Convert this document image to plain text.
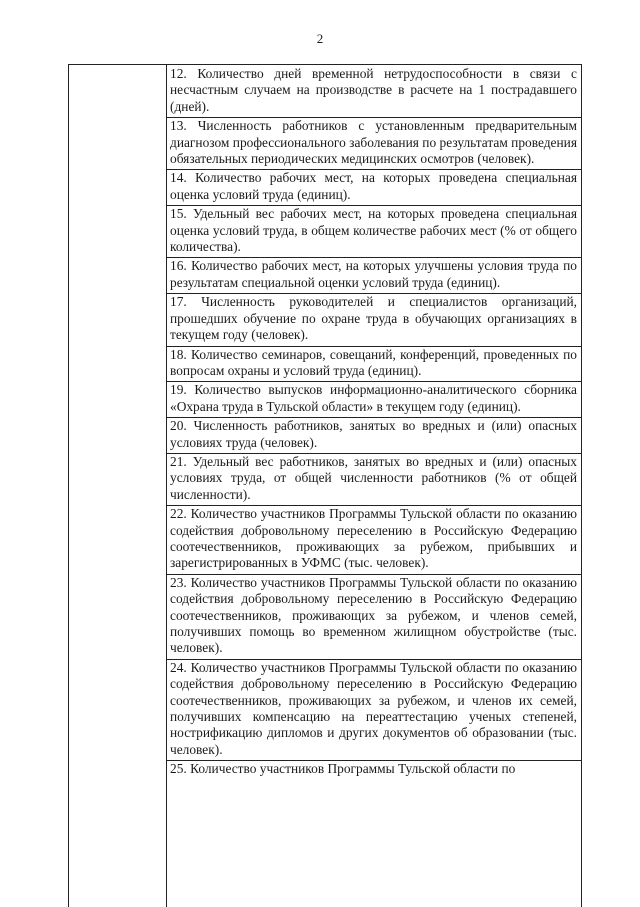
2

12. Количество дней временной нетрудоспособности в связи с несчастным случаем на производстве в расчете на 1 пострадавшего (дней).

13. Численность работников с установленным предварительным диагнозом профессионального заболевания по результатам проведения обязательных периодических медицинских осмотров (человек).

14. Количество рабочих мест, на которых проведена специальная оценка условий труда (единиц).

15. Удельный вес рабочих мест, на которых проведена специальная оценка условий труда, в общем количестве рабочих мест (% от общего количества).

16. Количество рабочих мест, на которых улучшены условия труда по результатам специальной оценки условий труда (единиц).

17. Численность руководителей и специалистов организаций, прошедших обучение по охране труда в обучающих организациях в текущем году (человек).

18. Количество семинаров, совещаний, конференций, проведенных по вопросам охраны и условий труда (единиц).

19. Количество выпусков информационно-аналитического сборника «Охрана труда в Тульской области» в текущем году (единиц).

20. Численность работников, занятых во вредных и (или) опасных условиях труда (человек).

21. Удельный вес работников, занятых во вредных и (или) опасных условиях труда, от общей численности работников (% от общей численности).

22. Количество участников Программы Тульской области по оказанию содействия добровольному переселению в Российскую Федерацию соотечественников, проживающих за рубежом, прибывших и зарегистрированных в УФМС (тыс. человек).

23. Количество участников Программы Тульской области по оказанию содействия добровольному переселению в Российскую Федерацию соотечественников, проживающих за рубежом, и членов семей, получивших помощь во временном жилищном обустройстве (тыс. человек).

24. Количество участников Программы Тульской области по оказанию содействия добровольному переселению в Российскую Федерацию соотечественников, проживающих за рубежом, и членов их семей, получивших компенсацию на переаттестацию ученых степеней, нострификацию дипломов и других документов об образовании (тыс. человек).

25. Количество участников Программы Тульской области по
